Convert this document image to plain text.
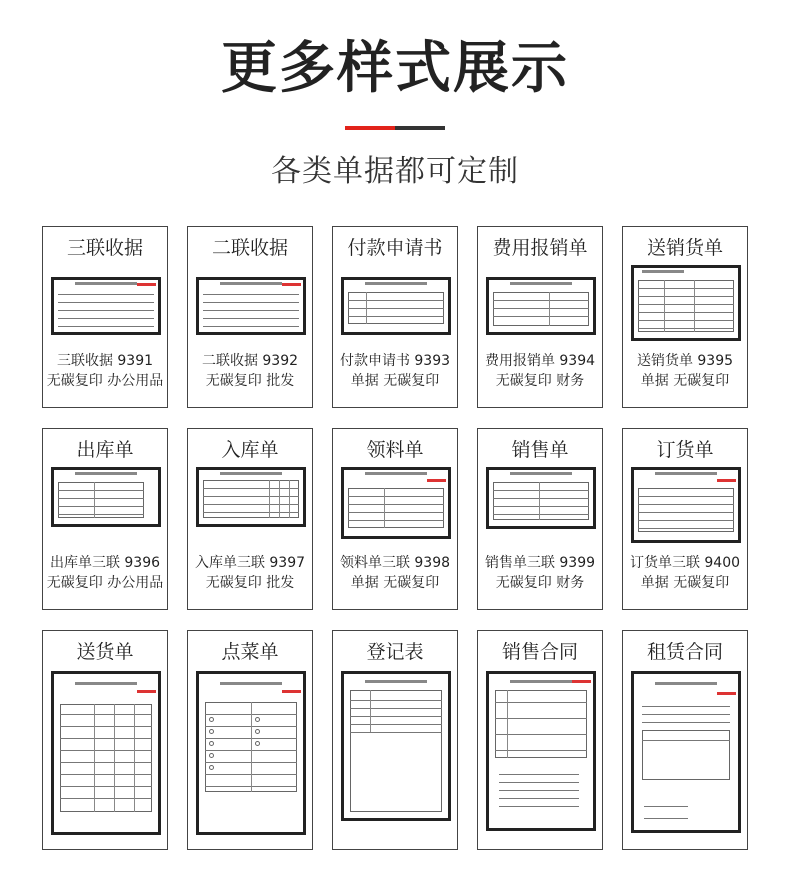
更多样式展示
各类单据都可定制
三联收据
三联收据 9391
无碳复印 办公用品
二联收据
二联收据 9392
无碳复印 批发
付款申请书
付款申请书 9393
单据 无碳复印
费用报销单
费用报销单 9394
无碳复印 财务
送销货单
送销货单 9395
单据 无碳复印
出库单
出库单三联 9396
无碳复印 办公用品
入库单
入库单三联 9397
无碳复印 批发
领料单
领料单三联 9398
单据 无碳复印
销售单
销售单三联 9399
无碳复印 财务
订货单
订货单三联 9400
单据 无碳复印
送货单	点菜单	登记表	销售合同	租赁合同
